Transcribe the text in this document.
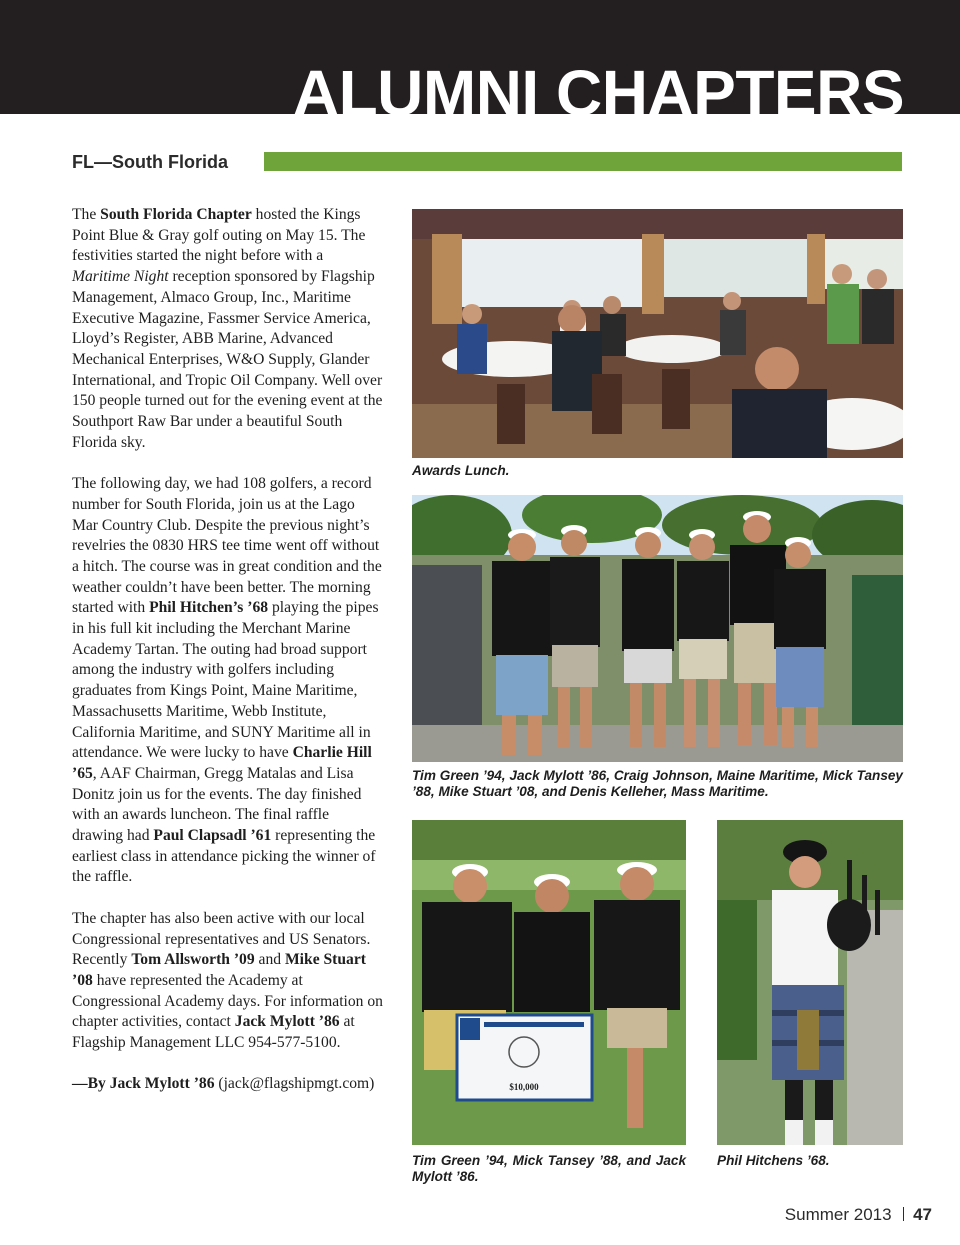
ALUMNI CHAPTERS
FL—South Florida

The South Florida Chapter hosted the Kings Point Blue & Gray golf outing on May 15. The festivities started the night before with a Maritime Night reception sponsored by Flagship Management, Almaco Group, Inc., Maritime Executive Magazine, Fassmer Service America, Lloyd’s Register, ABB Marine, Advanced Mechanical Enterprises, W&O Supply, Glander International, and Tropic Oil Company. Well over 150 people turned out for the evening event at the Southport Raw Bar under a beautiful South Florida sky.

The following day, we had 108 golfers, a record number for South Florida, join us at the Lago Mar Country Club. Despite the previous night’s revelries the 0830 HRS tee time went off without a hitch. The course was in great condition and the weather couldn’t have been better. The morning started with Phil Hitchen’s ’68 playing the pipes in his full kit including the Merchant Marine Academy Tartan. The outing had broad support among the industry with golfers including graduates from Kings Point, Maine Maritime, Massachusetts Maritime, Webb Institute, California Maritime, and SUNY Maritime all in attendance. We were lucky to have Charlie Hill ’65, AAF Chairman, Gregg Matalas and Lisa Donitz join us for the events. The day finished with an awards luncheon. The final raffle drawing had Paul Clapsadl ’61 representing the earliest class in attendance picking the winner of the raffle.

The chapter has also been active with our local Congressional representatives and US Senators. Recently Tom Allsworth ’09 and Mike Stuart ’08 have represented the Academy at Congressional Academy days. For information on chapter activities, contact Jack Mylott ’86 at Flagship Management LLC 954-577-5100.

—By Jack Mylott ’86 (jack@flagshipmgt.com)

Awards Lunch.

Tim Green ’94, Jack Mylott ’86, Craig Johnson, Maine Maritime, Mick Tansey ’88, Mike Stuart ’08, and Denis Kelleher, Mass Maritime.

$10,000

Tim Green ’94, Mick Tansey ’88, and Jack Mylott ’86.

Phil Hitchens ’68.

Summer 2013 47
